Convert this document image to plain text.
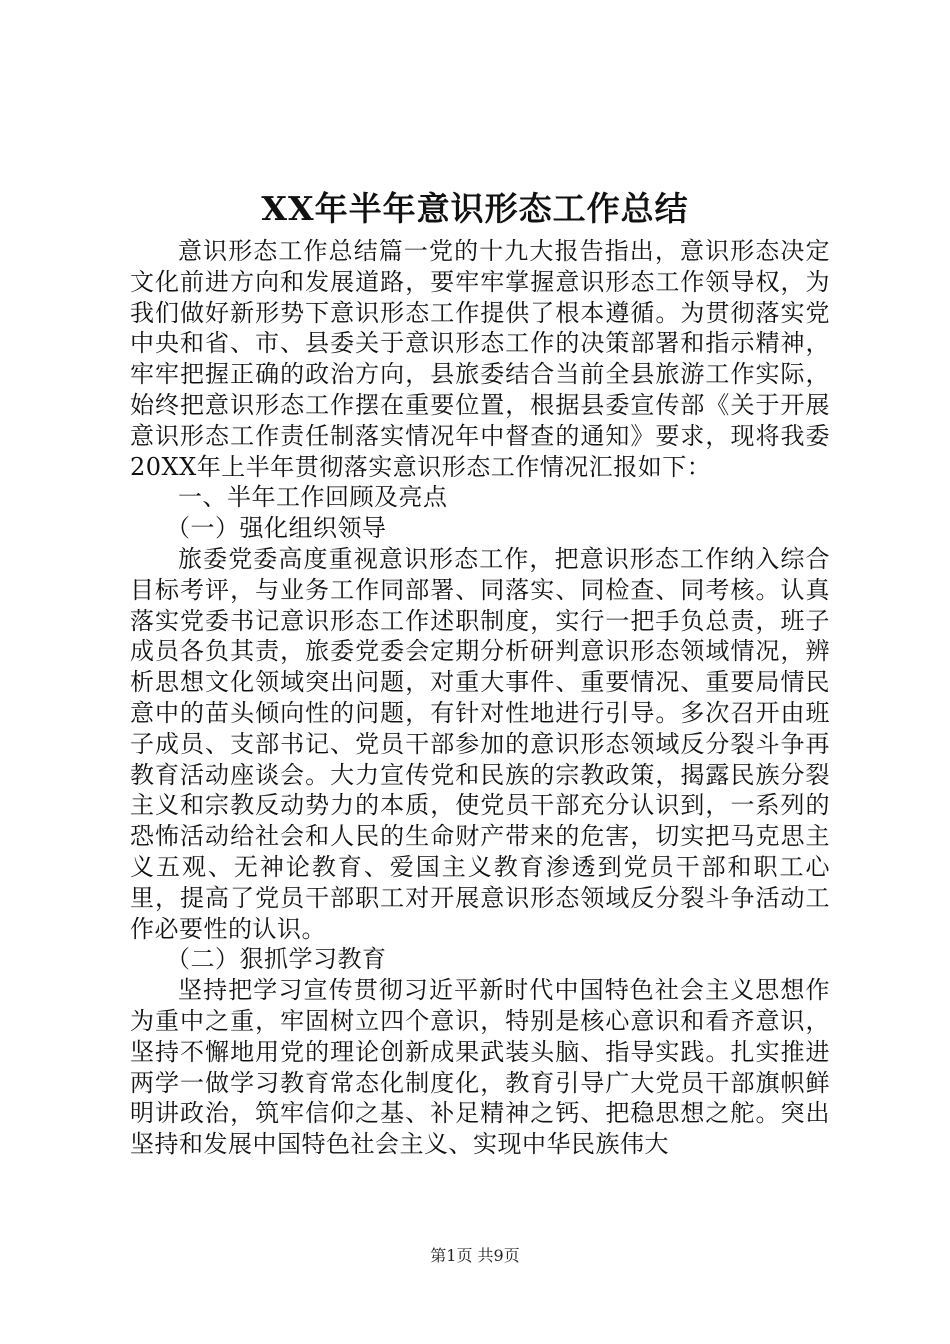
XX年半年意识形态工作总结

意识形态工作总结篇一党的十九大报告指出，意识形态决定文化前进方向和发展道路，要牢牢掌握意识形态工作领导权，为我们做好新形势下意识形态工作提供了根本遵循。为贯彻落实党中央和省、市、县委关于意识形态工作的决策部署和指示精神，牢牢把握正确的政治方向，县旅委结合当前全县旅游工作实际，始终把意识形态工作摆在重要位置，根据县委宣传部《关于开展意识形态工作责任制落实情况年中督查的通知》要求，现将我委20XX年上半年贯彻落实意识形态工作情况汇报如下：

一、半年工作回顾及亮点

（一）强化组织领导

旅委党委高度重视意识形态工作，把意识形态工作纳入综合目标考评，与业务工作同部署、同落实、同检查、同考核。认真落实党委书记意识形态工作述职制度，实行一把手负总责，班子成员各负其责，旅委党委会定期分析研判意识形态领域情况，辨析思想文化领域突出问题，对重大事件、重要情况、重要局情民意中的苗头倾向性的问题，有针对性地进行引导。多次召开由班子成员、支部书记、党员干部参加的意识形态领域反分裂斗争再教育活动座谈会。大力宣传党和民族的宗教政策，揭露民族分裂主义和宗教反动势力的本质，使党员干部充分认识到，一系列的恐怖活动给社会和人民的生命财产带来的危害，切实把马克思主义五观、无神论教育、爱国主义教育渗透到党员干部和职工心里，提高了党员干部职工对开展意识形态领域反分裂斗争活动工作必要性的认识。

（二）狠抓学习教育

坚持把学习宣传贯彻习近平新时代中国特色社会主义思想作为重中之重，牢固树立四个意识，特别是核心意识和看齐意识，坚持不懈地用党的理论创新成果武装头脑、指导实践。扎实推进两学一做学习教育常态化制度化，教育引导广大党员干部旗帜鲜明讲政治，筑牢信仰之基、补足精神之钙、把稳思想之舵。突出坚持和发展中国特色社会主义、实现中华民族伟大

第1页 共9页
